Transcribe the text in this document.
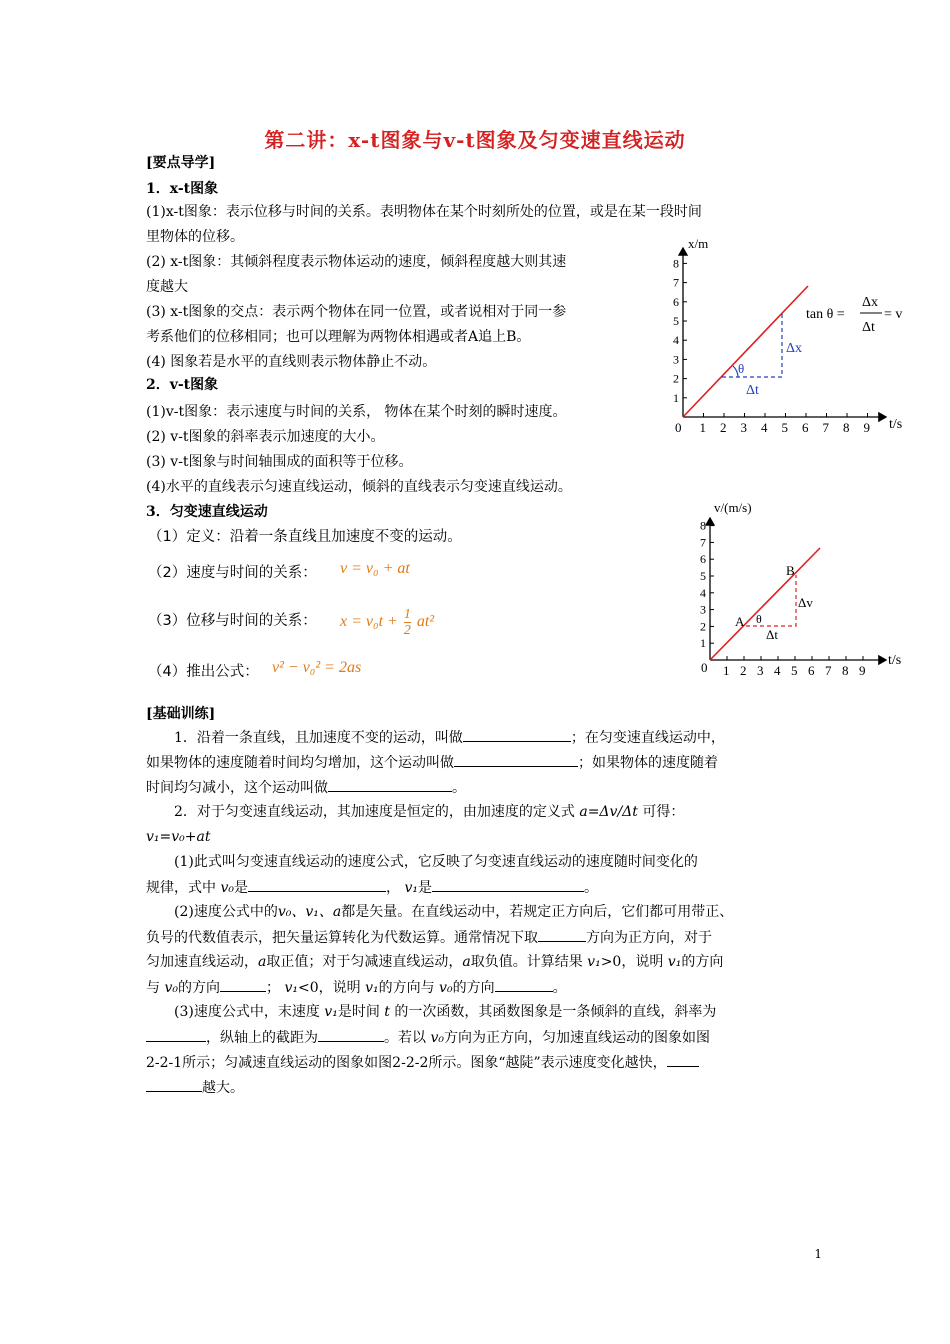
第二讲：x-t图象与v-t图象及匀变速直线运动
[要点导学]
1．x-t图象
(1)x-t图象：表示位移与时间的关系。表明物体在某个时刻所处的位置，或是在某一段时间
里物体的位移。
(2) x-t图象：其倾斜程度表示物体运动的速度，倾斜程度越大则其速
度越大
(3) x-t图象的交点：表示两个物体在同一位置，或者说相对于同一参
考系他们的位移相同；也可以理解为两物体相遇或者A追上B。
(4) 图象若是水平的直线则表示物体静止不动。
2．v-t图象
(1)v-t图象：表示速度与时间的关系， 物体在某个时刻的瞬时速度。
(2) v-t图象的斜率表示加速度的大小。
(3) v-t图象与时间轴围成的面积等于位移。
(4)水平的直线表示匀速直线运动，倾斜的直线表示匀变速直线运动。
3．匀变速直线运动
（1）定义：沿着一条直线且加速度不变的运动。
（2）速度与时间的关系： v = v₀ + at
（3）位移与时间的关系： $x = v_0t + \frac{1}{2} at^2$
（4）推出公式： v² − v₀² = 2as
1 2 3 4 5 6 7 8 9
1
2
3
4
5
6
7
8
x/m
t/s
0
θ
Δx
Δt
tan θ =
Δx
Δt
= v
1 2 3 4 5 6 7 8 9
1
2
3
4
5
6
7
8
v/(m/s)
t/s
0
A
B
θ
Δv
Δt
[基础训练]
1．沿着一条直线，且加速度不变的运动，叫做	；在匀变速直线运动中，
如果物体的速度随着时间均匀增加，这个运动叫做	；如果物体的速度随着
时间均匀减小，这个运动叫做	。
2．对于匀变速直线运动，其加速度是恒定的，由加速度的定义式 a=Δv/Δt 可得：
v₁=v₀+at
(1)此式叫匀变速直线运动的速度公式，它反映了匀变速直线运动的速度随时间变化的
规律，式中 v₀是	， v₁是	。
(2)速度公式中的v₀、v₁、a都是矢量。在直线运动中，若规定正方向后，它们都可用带正、
负号的代数值表示，把矢量运算转化为代数运算。通常情况下取	方向为正方向，对于
匀加速直线运动，a取正值；对于匀减速直线运动，a取负值。计算结果 v₁>0，说明 v₁的方向
与 v₀的方向	； v₁<0，说明 v₁的方向与 v₀的方向	。
(3)速度公式中，末速度 v₁是时间 t 的一次函数，其函数图象是一条倾斜的直线，斜率为
，纵轴上的截距为	。若以 v₀方向为正方向，匀加速直线运动的图象如图
2-2-1所示；匀减速直线运动的图象如图2-2-2所示。图象“越陡”表示速度变化越快，
越大。
1
